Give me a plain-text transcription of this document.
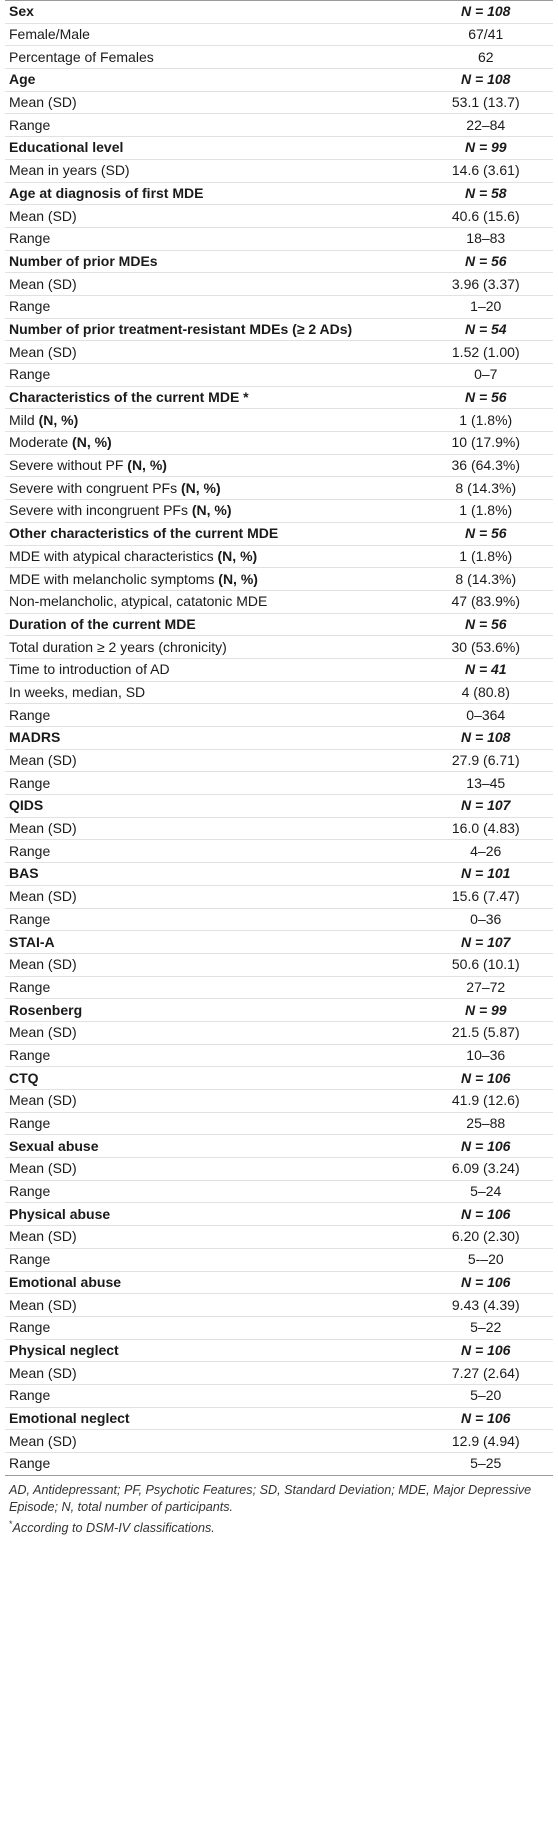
Sex	N = 108
Female/Male	67/41
Percentage of Females	62
Age	N = 108
Mean (SD)	53.1 (13.7)
Range	22–84
Educational level	N = 99
Mean in years (SD)	14.6 (3.61)
Age at diagnosis of first MDE	N = 58
Mean (SD)	40.6 (15.6)
Range	18–83
Number of prior MDEs	N = 56
Mean (SD)	3.96 (3.37)
Range	1–20
Number of prior treatment-resistant MDEs (≥ 2 ADs)	N = 54
Mean (SD)	1.52 (1.00)
Range	0–7
Characteristics of the current MDE *	N = 56
Mild (N, %)	1 (1.8%)
Moderate (N, %)	10 (17.9%)
Severe without PF (N, %)	36 (64.3%)
Severe with congruent PFs (N, %)	8 (14.3%)
Severe with incongruent PFs (N, %)	1 (1.8%)
Other characteristics of the current MDE	N = 56
MDE with atypical characteristics (N, %)	1 (1.8%)
MDE with melancholic symptoms (N, %)	8 (14.3%)
Non-melancholic, atypical, catatonic MDE	47 (83.9%)
Duration of the current MDE	N = 56
Total duration ≥ 2 years (chronicity)	30 (53.6%)
Time to introduction of AD	N = 41
In weeks, median, SD	4 (80.8)
Range	0–364
MADRS	N = 108
Mean (SD)	27.9 (6.71)
Range	13–45
QIDS	N = 107
Mean (SD)	16.0 (4.83)
Range	4–26
BAS	N = 101
Mean (SD)	15.6 (7.47)
Range	0–36
STAI-A	N = 107
Mean (SD)	50.6 (10.1)
Range	27–72
Rosenberg	N = 99
Mean (SD)	21.5 (5.87)
Range	10–36
CTQ	N = 106
Mean (SD)	41.9 (12.6)
Range	25–88
Sexual abuse	N = 106
Mean (SD)	6.09 (3.24)
Range	5–24
Physical abuse	N = 106
Mean (SD)	6.20 (2.30)
Range	5-–20
Emotional abuse	N = 106
Mean (SD)	9.43 (4.39)
Range	5–22
Physical neglect	N = 106
Mean (SD)	7.27 (2.64)
Range	5–20
Emotional neglect	N = 106
Mean (SD)	12.9 (4.94)
Range	5–25
AD, Antidepressant; PF, Psychotic Features; SD, Standard Deviation; MDE, Major Depressive Episode; N, total number of participants.
*According to DSM-IV classifications.
